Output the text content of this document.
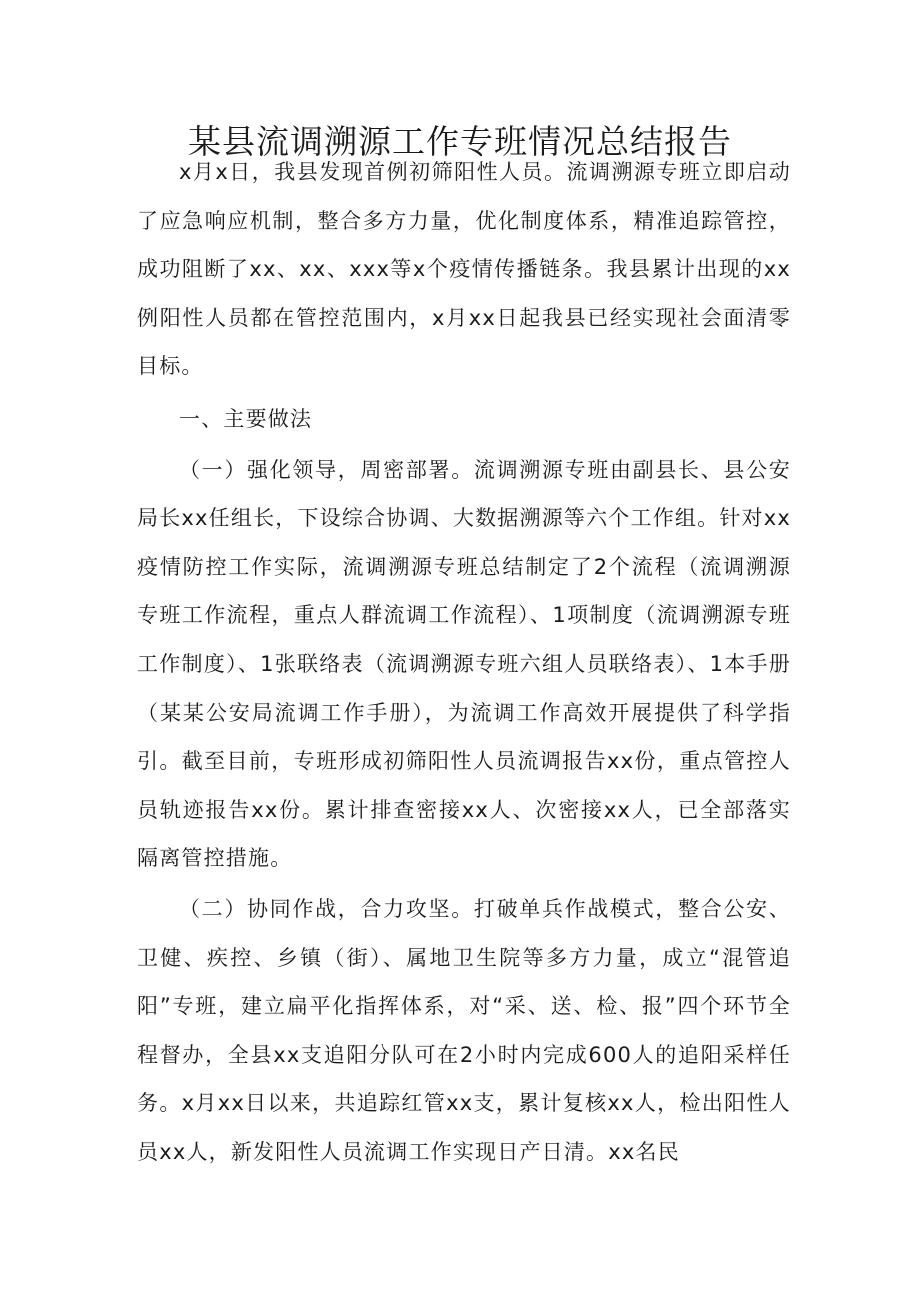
某县流调溯源工作专班情况总结报告

x月x日，我县发现首例初筛阳性人员。流调溯源专班立即启动了应急响应机制，整合多方力量，优化制度体系，精准追踪管控，成功阻断了xx、xx、xxx等x个疫情传播链条。我县累计出现的xx例阳性人员都在管控范围内，x月xx日起我县已经实现社会面清零目标。

一、主要做法

（一）强化领导，周密部署。流调溯源专班由副县长、县公安局长xx任组长，下设综合协调、大数据溯源等六个工作组。针对xx疫情防控工作实际，流调溯源专班总结制定了2个流程（流调溯源专班工作流程，重点人群流调工作流程）、1项制度（流调溯源专班工作制度）、1张联络表（流调溯源专班六组人员联络表）、1本手册（某某公安局流调工作手册），为流调工作高效开展提供了科学指引。截至目前，专班形成初筛阳性人员流调报告xx份，重点管控人员轨迹报告xx份。累计排查密接xx人、次密接xx人，已全部落实隔离管控措施。

（二）协同作战，合力攻坚。打破单兵作战模式，整合公安、卫健、疾控、乡镇（街）、属地卫生院等多方力量，成立“混管追阳”专班，建立扁平化指挥体系，对“采、送、检、报”四个环节全程督办，全县xx支追阳分队可在2小时内完成600人的追阳采样任务。x月xx日以来，共追踪红管xx支，累计复核xx人，检出阳性人员xx人，新发阳性人员流调工作实现日产日清。xx名民
